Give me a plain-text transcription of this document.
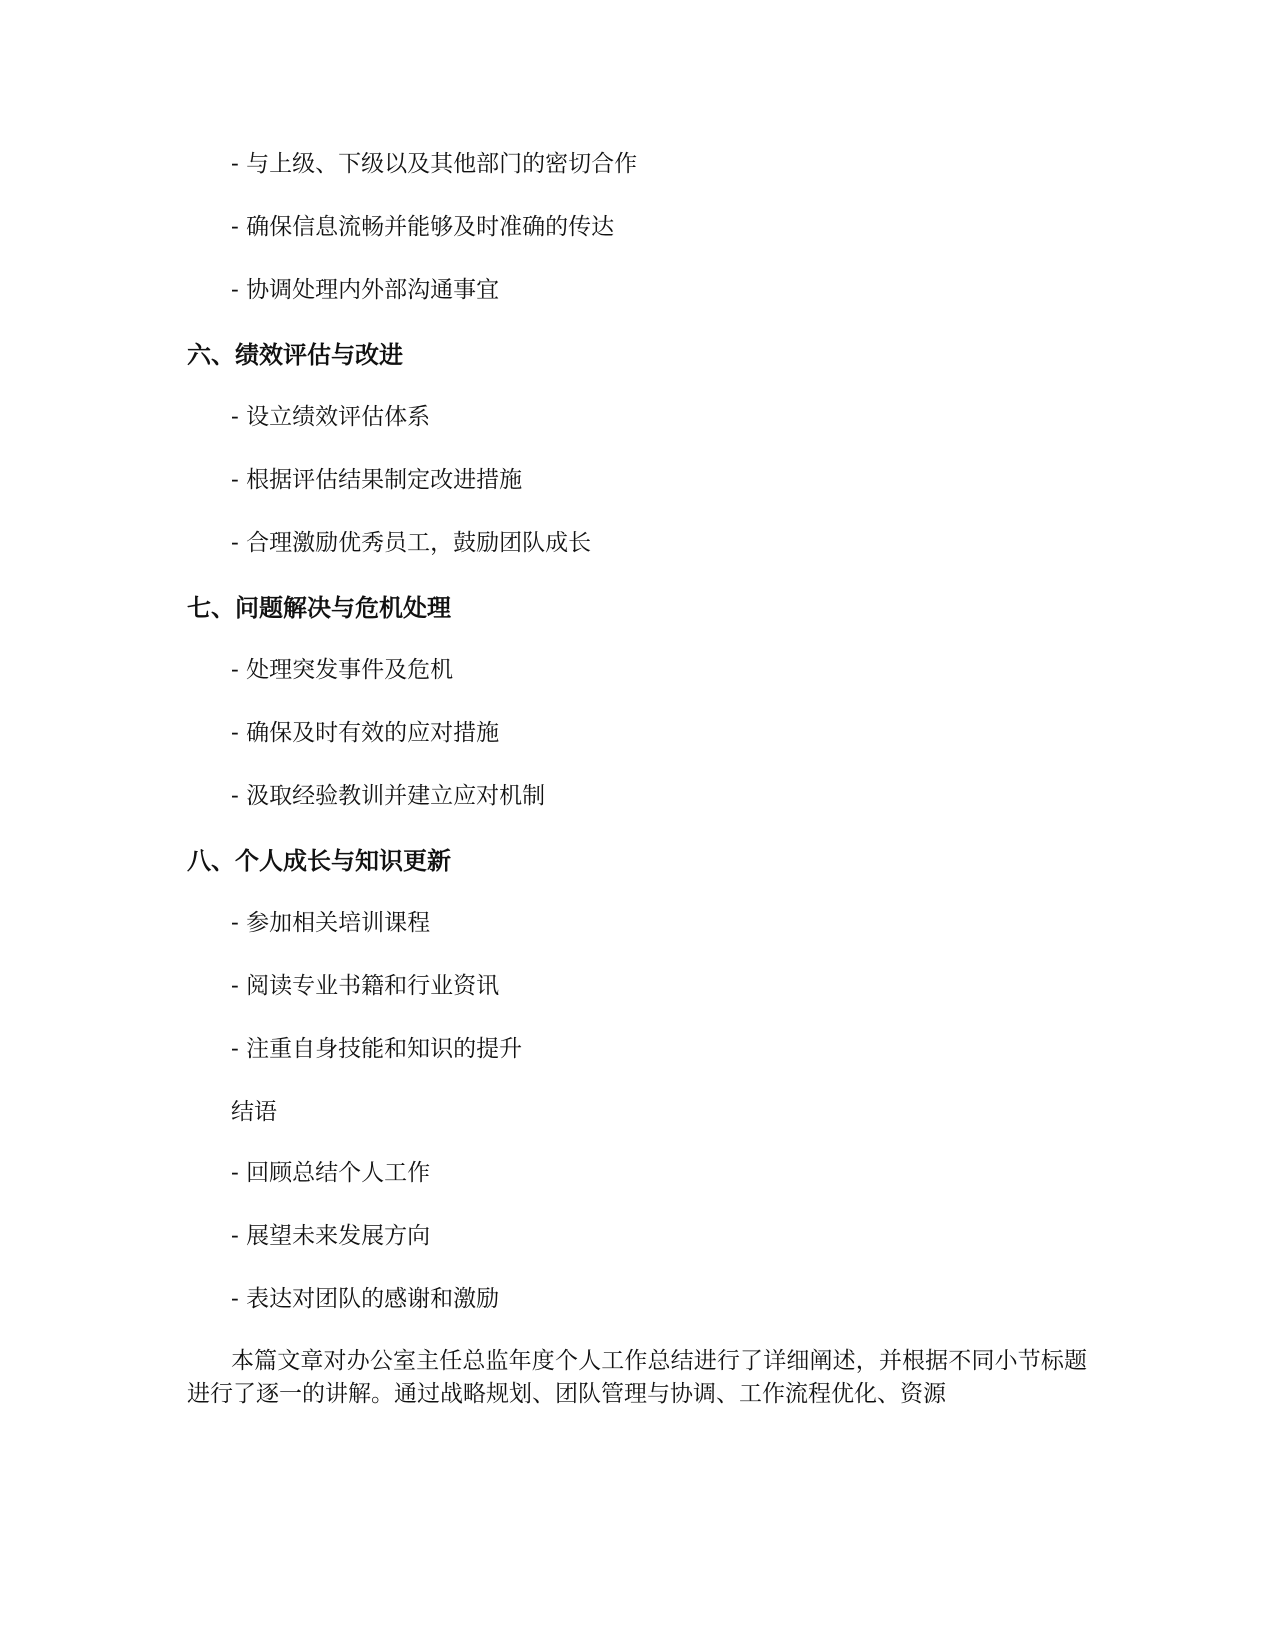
- 与上级、下级以及其他部门的密切合作
- 确保信息流畅并能够及时准确的传达
- 协调处理内外部沟通事宜
六、绩效评估与改进
- 设立绩效评估体系
- 根据评估结果制定改进措施
- 合理激励优秀员工，鼓励团队成长
七、问题解决与危机处理
- 处理突发事件及危机
- 确保及时有效的应对措施
- 汲取经验教训并建立应对机制
八、个人成长与知识更新
- 参加相关培训课程
- 阅读专业书籍和行业资讯
- 注重自身技能和知识的提升
结语
- 回顾总结个人工作
- 展望未来发展方向
- 表达对团队的感谢和激励
本篇文章对办公室主任总监年度个人工作总结进行了详细阐述，并根据不同小节标题进行了逐一的讲解。通过战略规划、团队管理与协调、工作流程优化、资源
